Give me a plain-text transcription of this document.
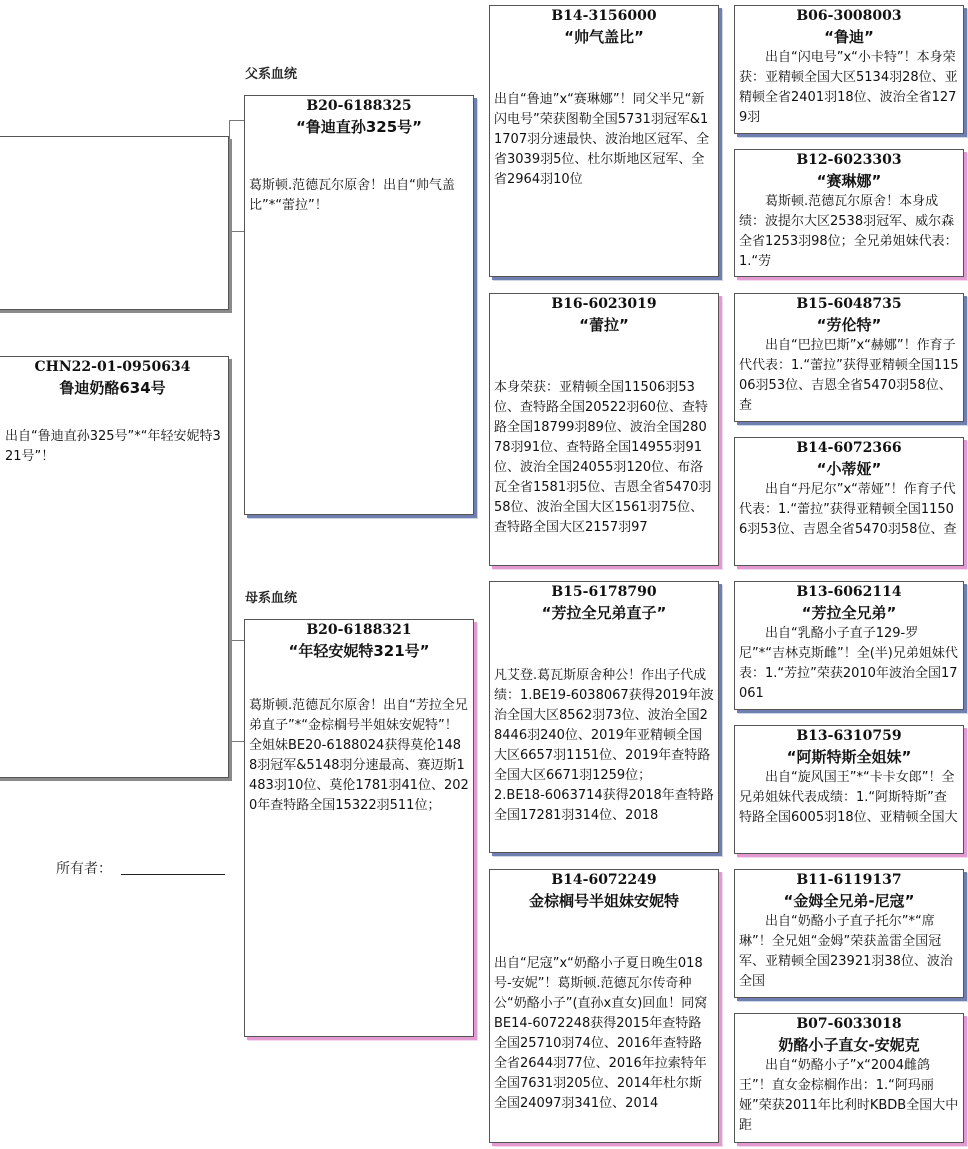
CHN22-01-0950634
鲁迪奶酪634号
出自“鲁迪直孙325号”*“年轻安妮特321号”！
所有者：
父系血统
母系血统
B20-6188325
“鲁迪直孙325号”
葛斯顿.范德瓦尔原舍！出自“帅气盖比”*“蕾拉”！
B20-6188321
“年轻安妮特321号”
葛斯顿.范德瓦尔原舍！出自“芳拉全兄弟直子”*“金棕榈号半姐妹安妮特”！全姐妹BE20-6188024获得莫伦1488羽冠军&5148羽分速最高、赛迈斯1483羽10位、莫伦1781羽41位、2020年查特路全国15322羽511位；
B14-3156000
“帅气盖比”
出自“鲁迪”x“赛琳娜”！同父半兄“新闪电号”荣获图勒全国5731羽冠军&11707羽分速最快、波治地区冠军、全省3039羽5位、杜尔斯地区冠军、全省2964羽10位
B16-6023019
“蕾拉”
本身荣获：亚精顿全国11506羽53位、查特路全国20522羽60位、查特路全国18799羽89位、波治全国28078羽91位、查特路全国14955羽91位、波治全国24055羽120位、布洛瓦全省1581羽5位、吉恩全省5470羽58位、波治全国大区1561羽75位、查特路全国大区2157羽97
B15-6178790
“芳拉全兄弟直子”
凡艾登.葛瓦斯原舍种公！作出子代成绩：1.BE19-6038067获得2019年波治全国大区8562羽73位、波治全国28446羽240位、2019年亚精顿全国大区6657羽1151位、2019年查特路全国大区6671羽1259位；
2.BE18-6063714获得2018年查特路全国17281羽314位、2018
B14-6072249
金棕榈号半姐妹安妮特
出自“尼寇”x“奶酪小子夏日晚生018号-安妮”！葛斯顿.范德瓦尔传奇种公“奶酪小子”(直孙x直女)回血！同窝BE14-6072248获得2015年查特路全国25710羽74位、2016年查特路全省2644羽77位、2016年拉索特年全国7631羽205位、2014年杜尔斯全国24097羽341位、2014
B06-3008003
“鲁迪”
　　出自“闪电号”x“小卡特”！本身荣获：亚精顿全国大区5134羽28位、亚精顿全省2401羽18位、波治全省1279羽
B12-6023303
“赛琳娜”
　　葛斯顿.范德瓦尔原舍！本身成绩：波提尔大区2538羽冠军、威尔森全省1253羽98位；全兄弟姐妹代表：1.“劳
B15-6048735
“劳伦特”
　　出自“巴拉巴斯”x“赫娜”！作育子代代表：1.“蕾拉”获得亚精顿全国11506羽53位、吉恩全省5470羽58位、查
B14-6072366
“小蒂娅”
　　出自“丹尼尔”x“蒂娅”！作育子代代表：1.“蕾拉”获得亚精顿全国11506羽53位、吉恩全省5470羽58位、查
B13-6062114
“芳拉全兄弟”
　　出自“乳酪小子直子129-罗尼”*“吉林克斯雌”！全(半)兄弟姐妹代表：1.“芳拉”荣获2010年波治全国17061
B13-6310759
“阿斯特斯全姐妹”
　　出自“旋风国王”*“卡卡女郎”！全兄弟姐妹代表成绩：1.“阿斯特斯”查特路全国6005羽18位、亚精顿全国大
B11-6119137
“金姆全兄弟-尼寇”
　　出自“奶酪小子直子托尔”*“席琳”！全兄姐“金姆”荣获盖雷全国冠军、亚精顿全国23921羽38位、波治全国
B07-6033018
奶酪小子直女-安妮克
　　出自“奶酪小子”x“2004雌鸽王”！直女金棕榈作出：1.“阿玛丽娅”荣获2011年比利时KBDB全国大中距
